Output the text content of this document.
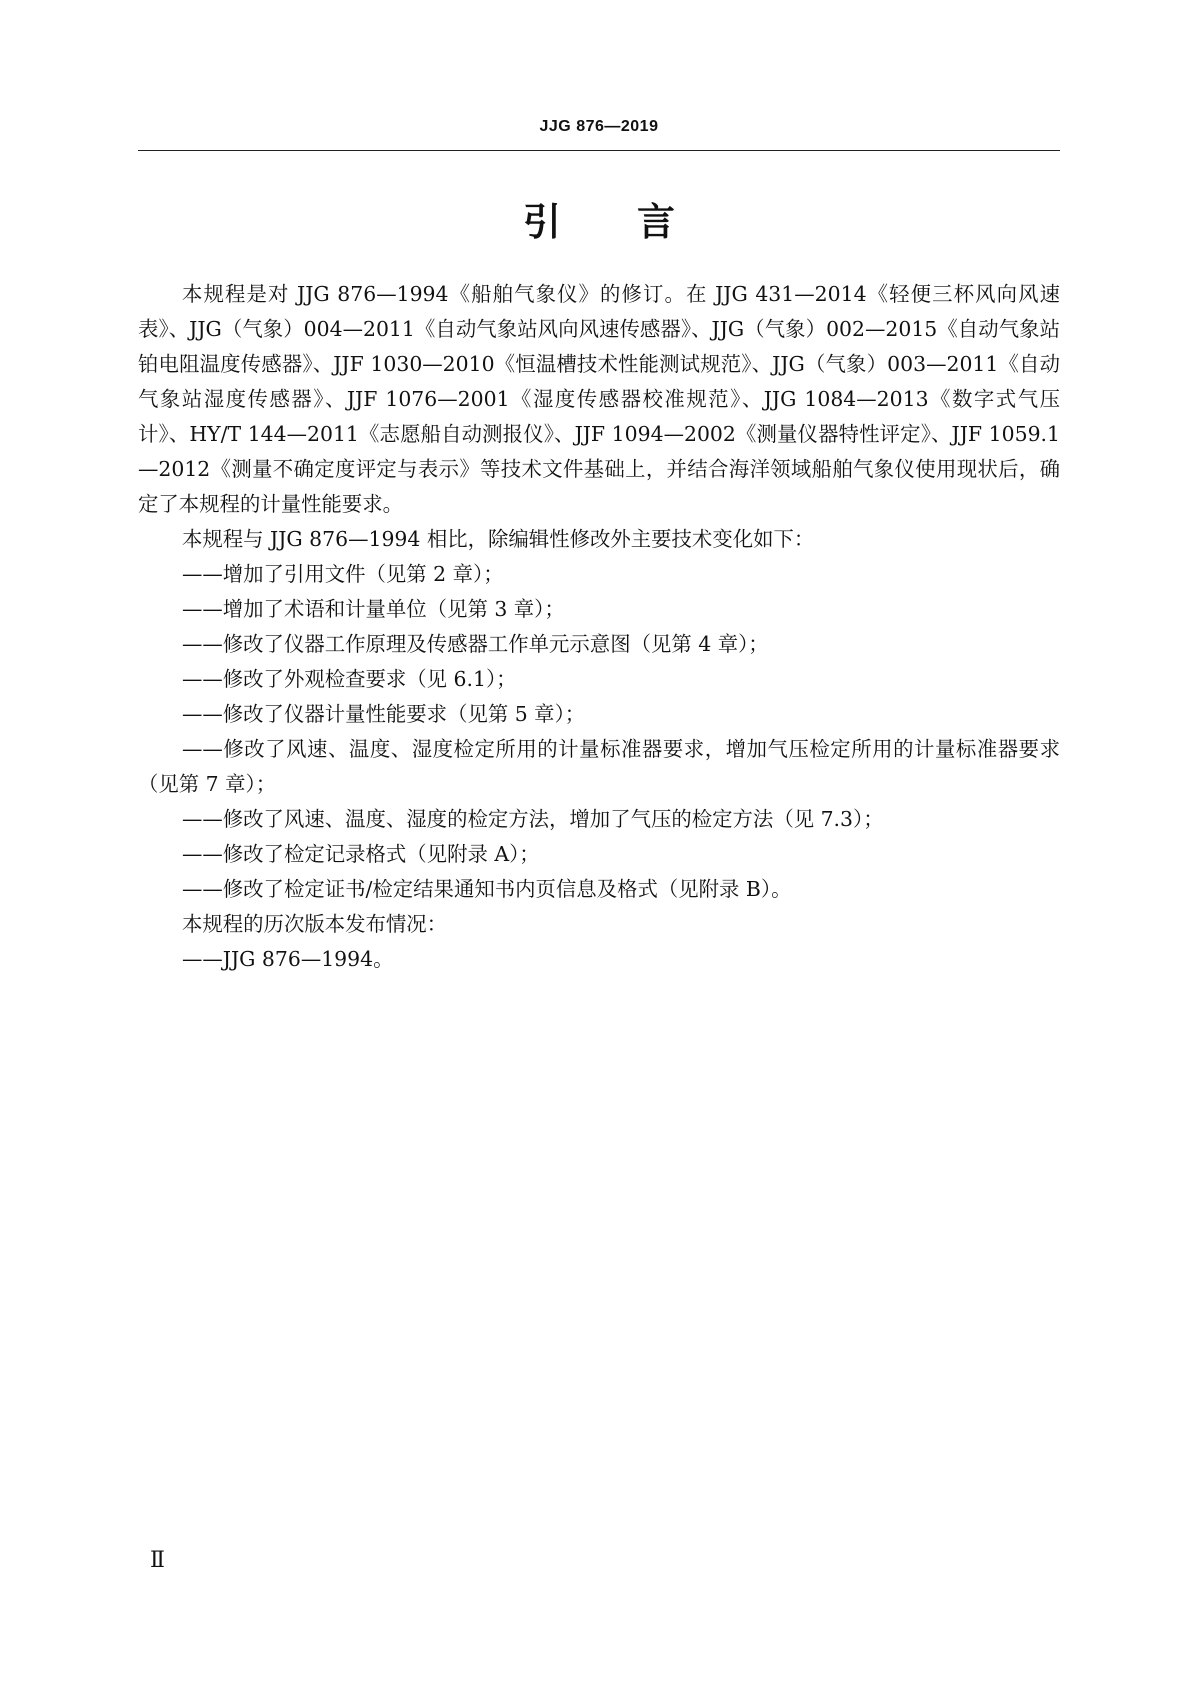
JJG 876—2019
引言

本规程是对 JJG 876—1994《船舶气象仪》的修订。在 JJG 431—2014《轻便三杯风向风速表》、JJG（气象）004—2011《自动气象站风向风速传感器》、JJG（气象）002—2015《自动气象站铂电阻温度传感器》、JJF 1030—2010《恒温槽技术性能测试规范》、JJG（气象）003—2011《自动气象站湿度传感器》、JJF 1076—2001《湿度传感器校准规范》、JJG 1084—2013《数字式气压计》、HY/T 144—2011《志愿船自动测报仪》、JJF 1094—2002《测量仪器特性评定》、JJF 1059.1—2012《测量不确定度评定与表示》等技术文件基础上，并结合海洋领域船舶气象仪使用现状后，确定了本规程的计量性能要求。

本规程与 JJG 876—1994 相比，除编辑性修改外主要技术变化如下：

——增加了引用文件（见第 2 章）；

——增加了术语和计量单位（见第 3 章）；

——修改了仪器工作原理及传感器工作单元示意图（见第 4 章）；

——修改了外观检查要求（见 6.1）；

——修改了仪器计量性能要求（见第 5 章）；

——修改了风速、温度、湿度检定所用的计量标准器要求，增加气压检定所用的计量标准器要求（见第 7 章）；

——修改了风速、温度、湿度的检定方法，增加了气压的检定方法（见 7.3）；

——修改了检定记录格式（见附录 A）；

——修改了检定证书/检定结果通知书内页信息及格式（见附录 B）。

本规程的历次版本发布情况：

——JJG 876—1994。

Ⅱ
